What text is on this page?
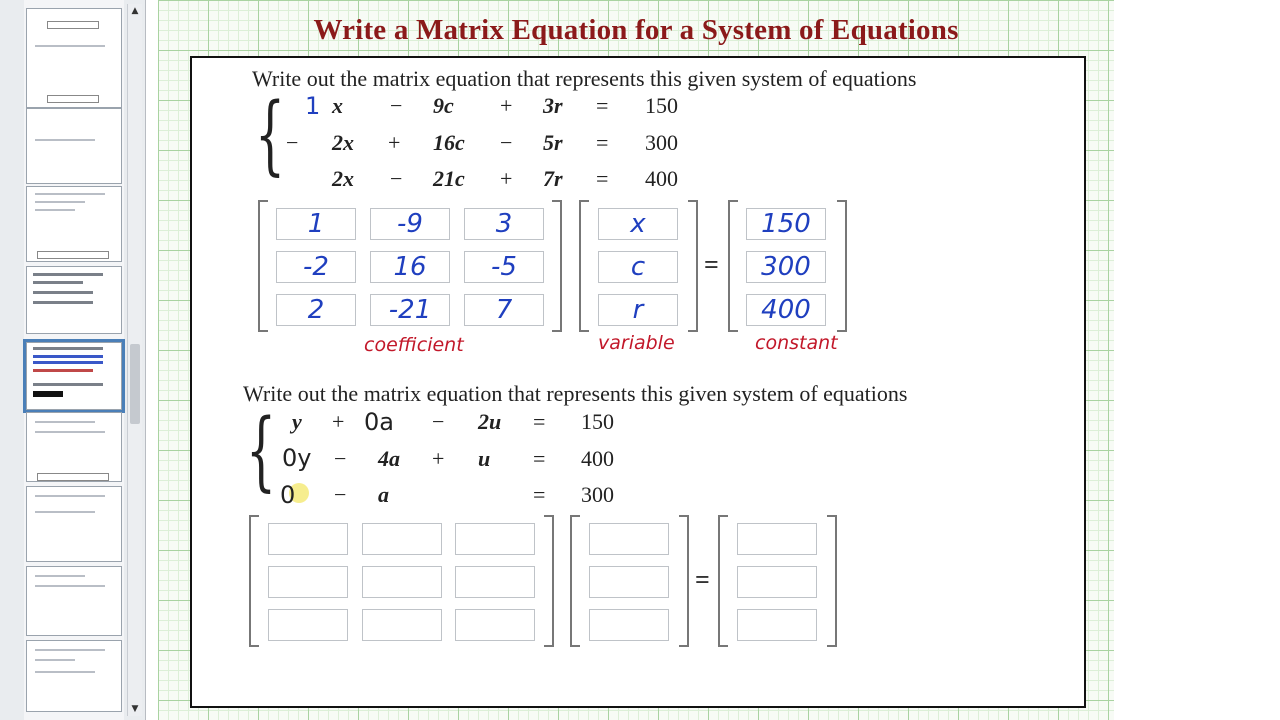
▲
▼
Write a Matrix Equation for a System of Equations
Write out the matrix equation that represents this given system of equations
{ 1 x − 9c + 3r = 150
− 2x + 16c − 5r = 300
2x − 21c + 7r = 400
1	-9	3
-2	16	-5
2	-21	7
x
c
r
=
150
300
400
coefficient	variable	constant
Write out the matrix equation that represents this given system of equations
{ y + 0a − 2u = 150
0y − 4a + u = 400
0 − a	= 300
=
